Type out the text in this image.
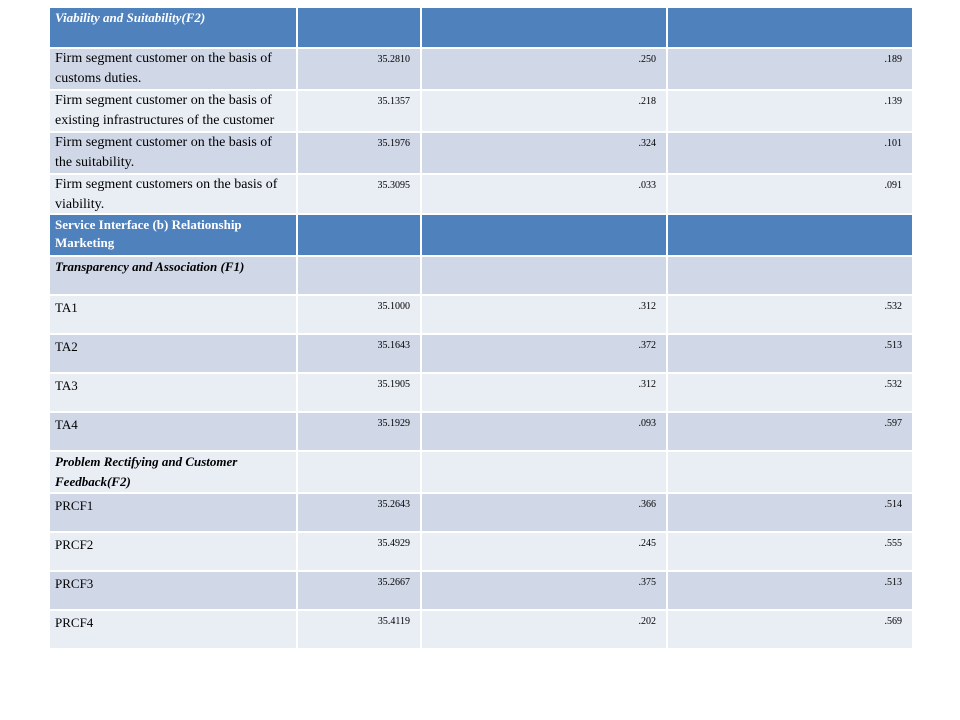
Viability and Suitability(F2)			
Firm segment customer on the basis of customs duties.	35.2810	.250	.189
Firm segment customer on the basis of existing infrastructures of the customer	35.1357	.218	.139
Firm segment customer on the basis of the suitability.	35.1976	.324	.101
Firm segment customers on the basis of viability.	35.3095	.033	.091
Service Interface (b) Relationship Marketing			
Transparency and Association (F1)			
TA1	35.1000	.312	.532
TA2	35.1643	.372	.513
TA3	35.1905	.312	.532
TA4	35.1929	.093	.597
Problem Rectifying and Customer Feedback(F2)			
PRCF1	35.2643	.366	.514
PRCF2	35.4929	.245	.555
PRCF3	35.2667	.375	.513
PRCF4	35.4119	.202	.569
